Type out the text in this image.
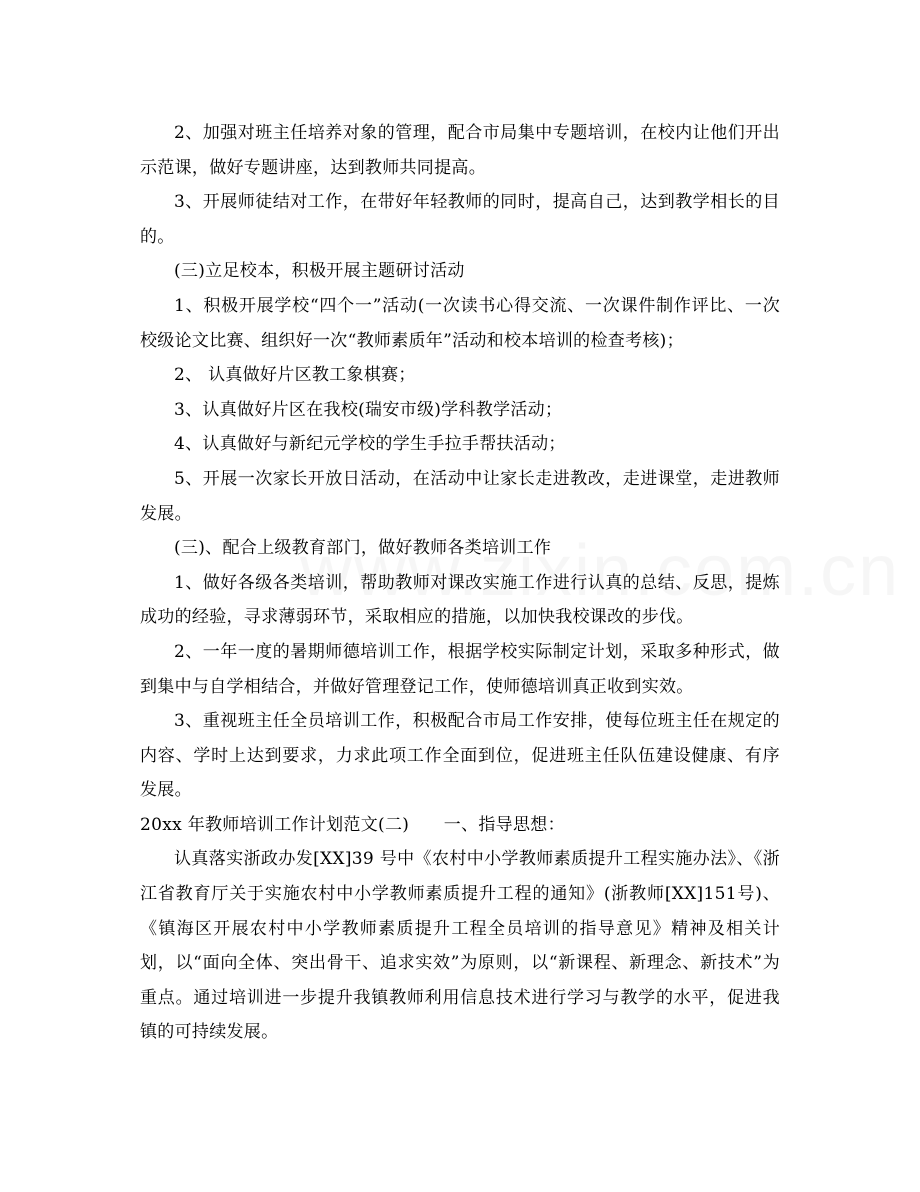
2、加强对班主任培养对象的管理，配合市局集中专题培训，在校内让他们开出示范课，做好专题讲座，达到教师共同提高。

3、开展师徒结对工作，在带好年轻教师的同时，提高自己，达到教学相长的目的。

(三)立足校本，积极开展主题研讨活动

1、积极开展学校“四个一”活动(一次读书心得交流、一次课件制作评比、一次校级论文比赛、组织好一次“教师素质年”活动和校本培训的检查考核)；

2、 认真做好片区教工象棋赛；

3、认真做好片区在我校(瑞安市级)学科教学活动；

4、认真做好与新纪元学校的学生手拉手帮扶活动；

5、开展一次家长开放日活动，在活动中让家长走进教改，走进课堂，走进教师发展。

(三)、配合上级教育部门，做好教师各类培训工作

1、做好各级各类培训，帮助教师对课改实施工作进行认真的总结、反思，提炼成功的经验，寻求薄弱环节，采取相应的措施，以加快我校课改的步伐。

2、一年一度的暑期师德培训工作，根据学校实际制定计划，采取多种形式，做到集中与自学相结合，并做好管理登记工作，使师德培训真正收到实效。

3、重视班主任全员培训工作，积极配合市局工作安排，使每位班主任在规定的内容、学时上达到要求，力求此项工作全面到位，促进班主任队伍建设健康、有序发展。

20xx 年教师培训工作计划范文(二)　　一、指导思想：

认真落实浙政办发[XX]39 号中《农村中小学教师素质提升工程实施办法》、《浙江省教育厅关于实施农村中小学教师素质提升工程的通知》(浙教师[XX]151号)、《镇海区开展农村中小学教师素质提升工程全员培训的指导意见》精神及相关计划，以“面向全体、突出骨干、追求实效”为原则，以“新课程、新理念、新技术”为重点。通过培训进一步提升我镇教师利用信息技术进行学习与教学的水平，促进我镇的可持续发展。
